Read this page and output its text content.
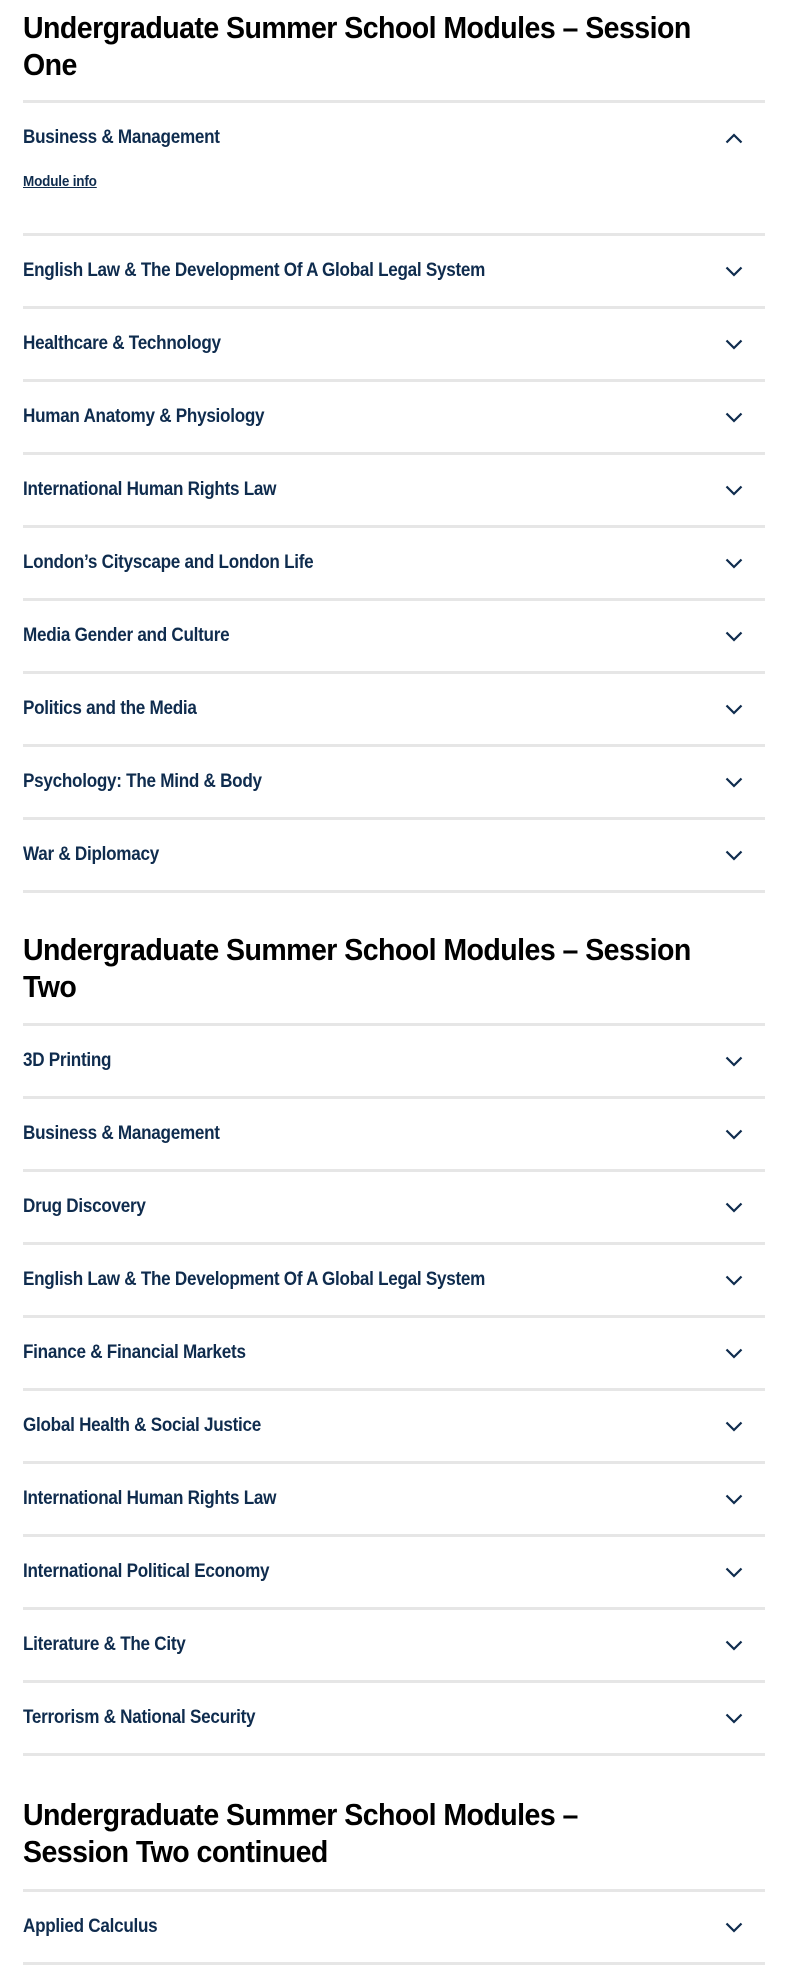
Undergraduate Summer School Modules – Session One
Business & Management
Module info
English Law & The Development Of A Global Legal System
Healthcare & Technology
Human Anatomy & Physiology
International Human Rights Law
London’s Cityscape and London Life
Media Gender and Culture
Politics and the Media
Psychology: The Mind & Body
War & Diplomacy
Undergraduate Summer School Modules – Session Two
3D Printing
Business & Management
Drug Discovery
English Law & The Development Of A Global Legal System
Finance & Financial Markets
Global Health & Social Justice
International Human Rights Law
International Political Economy
Literature & The City
Terrorism & National Security
Undergraduate Summer School Modules – Session Two continued
Applied Calculus
